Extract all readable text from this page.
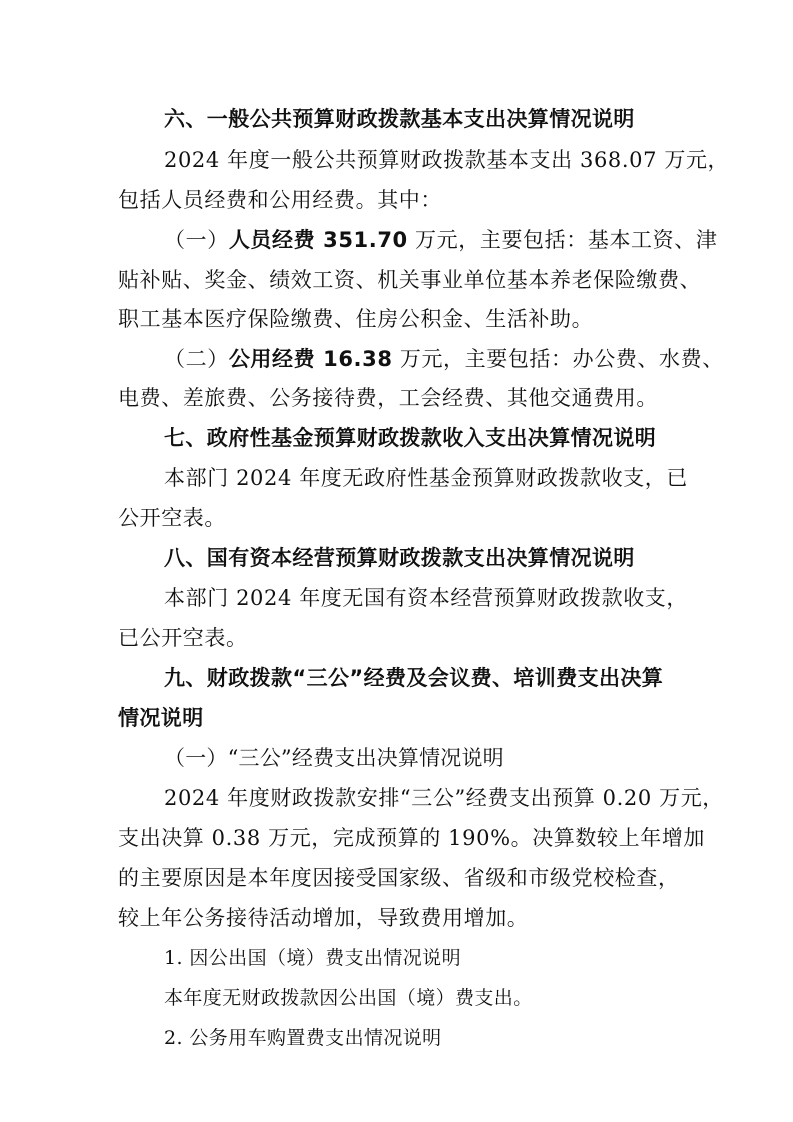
六、一般公共预算财政拨款基本支出决算情况说明
2024 年度一般公共预算财政拨款基本支出 368.07 万元，
包括人员经费和公用经费。其中：
（一）人员经费 351.70 万元，主要包括：基本工资、津
贴补贴、奖金、绩效工资、机关事业单位基本养老保险缴费、
职工基本医疗保险缴费、住房公积金、生活补助。
（二）公用经费 16.38 万元，主要包括：办公费、水费、
电费、差旅费、公务接待费，工会经费、其他交通费用。
七、政府性基金预算财政拨款收入支出决算情况说明
本部门 2024 年度无政府性基金预算财政拨款收支，已
公开空表。
八、国有资本经营预算财政拨款支出决算情况说明
本部门 2024 年度无国有资本经营预算财政拨款收支，
已公开空表。
九、财政拨款“三公”经费及会议费、培训费支出决算
情况说明
（一）“三公”经费支出决算情况说明
2024 年度财政拨款安排“三公”经费支出预算 0.20 万元，
支出决算 0.38 万元，完成预算的 190%。决算数较上年增加
的主要原因是本年度因接受国家级、省级和市级党校检查，
较上年公务接待活动增加，导致费用增加。
1. 因公出国（境）费支出情况说明
本年度无财政拨款因公出国（境）费支出。
2. 公务用车购置费支出情况说明
